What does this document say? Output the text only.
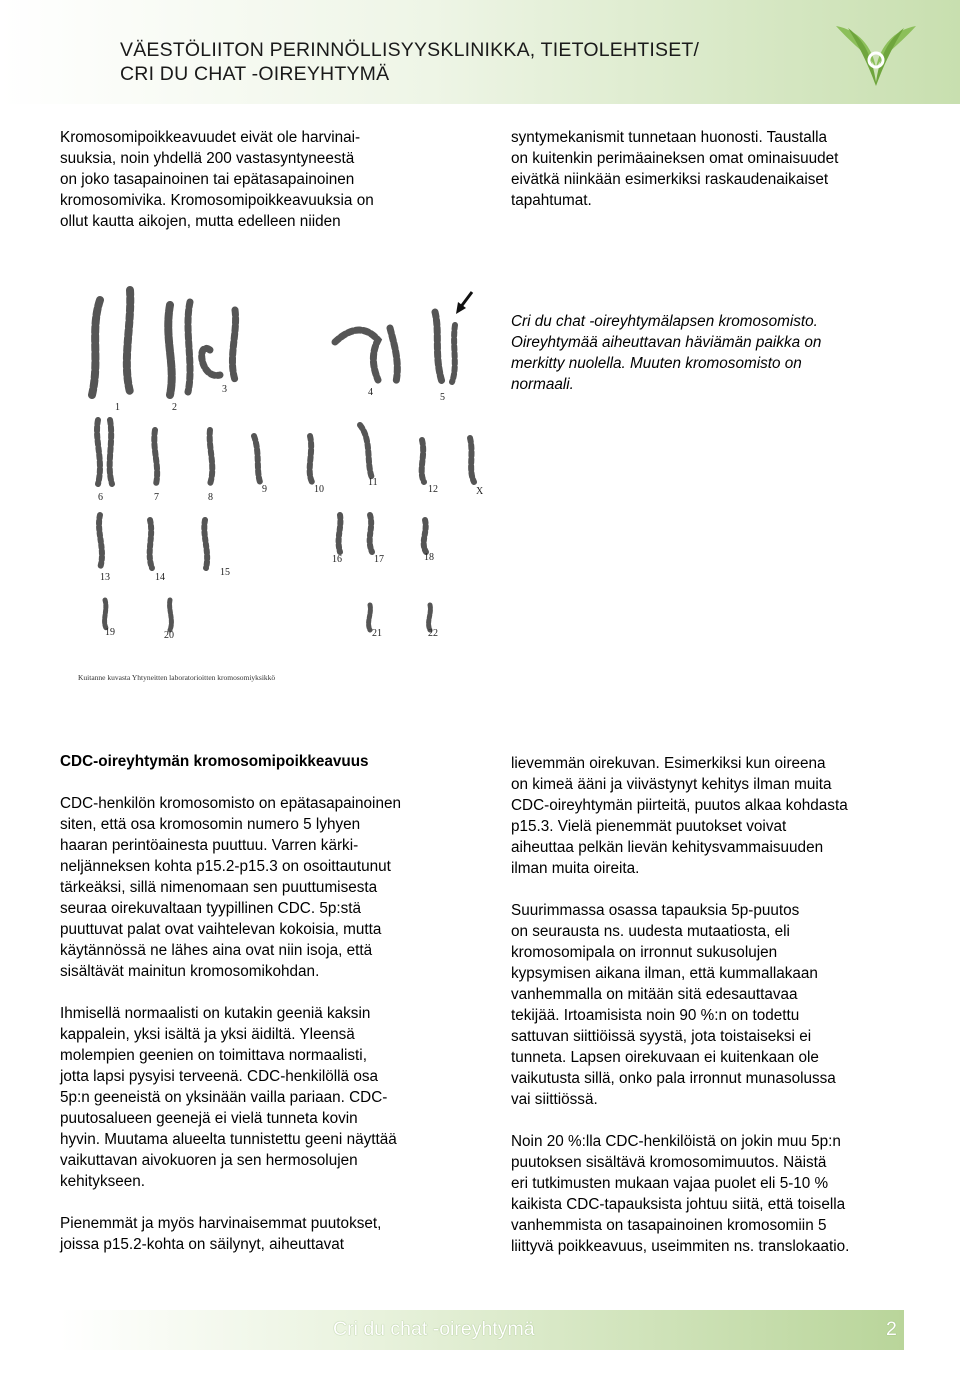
VÄESTÖLIITON PERINNÖLLISYYSKLINIKKA, TIETOLEHTISET/
CRI DU CHAT -OIREYHTYMÄ
Kromosomipoikkeavuudet eivät ole harvinai-
suuksia, noin yhdellä 200 vastasyntyneestä
on joko tasapainoinen tai epätasapainoinen
kromosomivika. Kromosomipoikkeavuuksia on
ollut kautta aikojen, mutta edelleen niiden
syntymekanismit tunnetaan huonosti. Taustalla
on kuitenkin perimäaineksen omat ominaisuudet
eivätkä niinkään esimerkiksi raskaudenaikaiset
tapahtumat.
1	2
3	4	5
6	7	8
9	10
11
12	X
13	14	15
16	17	18
19	20	21	22
Kuitanne kuvasta Yhtyneitten laboratorioitten kromosomiyksikkö
Cri du chat -oireyhtymälapsen kromosomisto.
Oireyhtymää aiheuttavan häviämän paikka on
merkitty nuolella. Muuten kromosomisto on
normaali.
CDC-oireyhtymän kromosomipoikkeavuus
CDC-henkilön kromosomisto on epätasapainoinen
siten, että osa kromosomin numero 5 lyhyen
haaran perintöainesta puuttuu. Varren kärki-
neljänneksen kohta p15.2-p15.3 on osoittautunut
tärkeäksi, sillä nimenomaan sen puuttumisesta
seuraa oirekuvaltaan tyypillinen CDC. 5p:stä
puuttuvat palat ovat vaihtelevan kokoisia, mutta
käytännössä ne lähes aina ovat niin isoja, että
sisältävät mainitun kromosomikohdan.
Ihmisellä normaalisti on kutakin geeniä kaksin
kappalein, yksi isältä ja yksi äidiltä. Yleensä
molempien geenien on toimittava normaalisti,
jotta lapsi pysyisi terveenä. CDC-henkilöllä osa
5p:n geeneistä on yksinään vailla pariaan. CDC-
puutosalueen geenejä ei vielä tunneta kovin
hyvin. Muutama alueelta tunnistettu geeni näyttää
vaikuttavan aivokuoren ja sen hermosolujen
kehitykseen.
Pienemmät ja myös harvinaisemmat puutokset,
joissa p15.2-kohta on säilynyt, aiheuttavat
lievemmän oirekuvan. Esimerkiksi kun oireena
on kimeä ääni ja viivästynyt kehitys ilman muita
CDC-oireyhtymän piirteitä, puutos alkaa kohdasta
p15.3. Vielä pienemmät puutokset voivat
aiheuttaa pelkän lievän kehitysvammaisuuden
ilman muita oireita.
Suurimmassa osassa tapauksia 5p-puutos
on seurausta ns. uudesta mutaatiosta, eli
kromosomipala on irronnut sukusolujen
kypsymisen aikana ilman, että kummallakaan
vanhemmalla on mitään sitä edesauttavaa
tekijää. Irtoamisista noin 90 %:n on todettu
sattuvan siittiöissä syystä, jota toistaiseksi ei
tunneta. Lapsen oirekuvaan ei kuitenkaan ole
vaikutusta sillä, onko pala irronnut munasolussa
vai siittiössä.
Noin 20 %:lla CDC-henkilöistä on jokin muu 5p:n
puutoksen sisältävä kromosomimuutos. Näistä
eri tutkimusten mukaan vajaa puolet eli 5-10 %
kaikista CDC-tapauksista johtuu siitä, että toisella
vanhemmista on tasapainoinen kromosomiin 5
liittyvä poikkeavuus, useimmiten ns. translokaatio.
Cri du chat -oireyhtymä	2
